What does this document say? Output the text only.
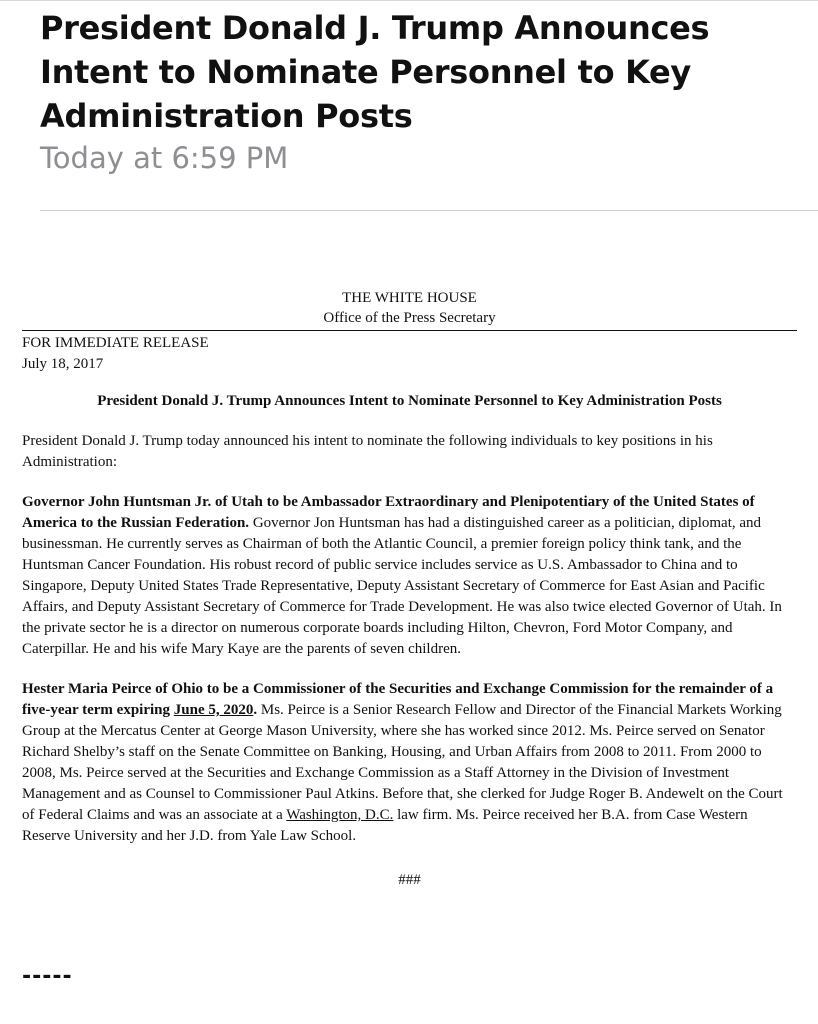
President Donald J. Trump Announces Intent to Nominate Personnel to Key Administration Posts
Today at 6:59 PM
THE WHITE HOUSE
Office of the Press Secretary
FOR IMMEDIATE RELEASE
July 18, 2017
President Donald J. Trump Announces Intent to Nominate Personnel to Key Administration Posts
President Donald J. Trump today announced his intent to nominate the following individuals to key positions in his Administration:
Governor John Huntsman Jr. of Utah to be Ambassador Extraordinary and Plenipotentiary of the United States of America to the Russian Federation. Governor Jon Huntsman has had a distinguished career as a politician, diplomat, and businessman. He currently serves as Chairman of both the Atlantic Council, a premier foreign policy think tank, and the Huntsman Cancer Foundation. His robust record of public service includes service as U.S. Ambassador to China and to Singapore, Deputy United States Trade Representative, Deputy Assistant Secretary of Commerce for East Asian and Pacific Affairs, and Deputy Assistant Secretary of Commerce for Trade Development. He was also twice elected Governor of Utah. In the private sector he is a director on numerous corporate boards including Hilton, Chevron, Ford Motor Company, and Caterpillar. He and his wife Mary Kaye are the parents of seven children.
Hester Maria Peirce of Ohio to be a Commissioner of the Securities and Exchange Commission for the remainder of a five-year term expiring June 5, 2020. Ms. Peirce is a Senior Research Fellow and Director of the Financial Markets Working Group at the Mercatus Center at George Mason University, where she has worked since 2012. Ms. Peirce served on Senator Richard Shelby’s staff on the Senate Committee on Banking, Housing, and Urban Affairs from 2008 to 2011. From 2000 to 2008, Ms. Peirce served at the Securities and Exchange Commission as a Staff Attorney in the Division of Investment Management and as Counsel to Commissioner Paul Atkins. Before that, she clerked for Judge Roger B. Andewelt on the Court of Federal Claims and was an associate at a Washington, D.C. law firm. Ms. Peirce received her B.A. from Case Western Reserve University and her J.D. from Yale Law School.
###
-----
